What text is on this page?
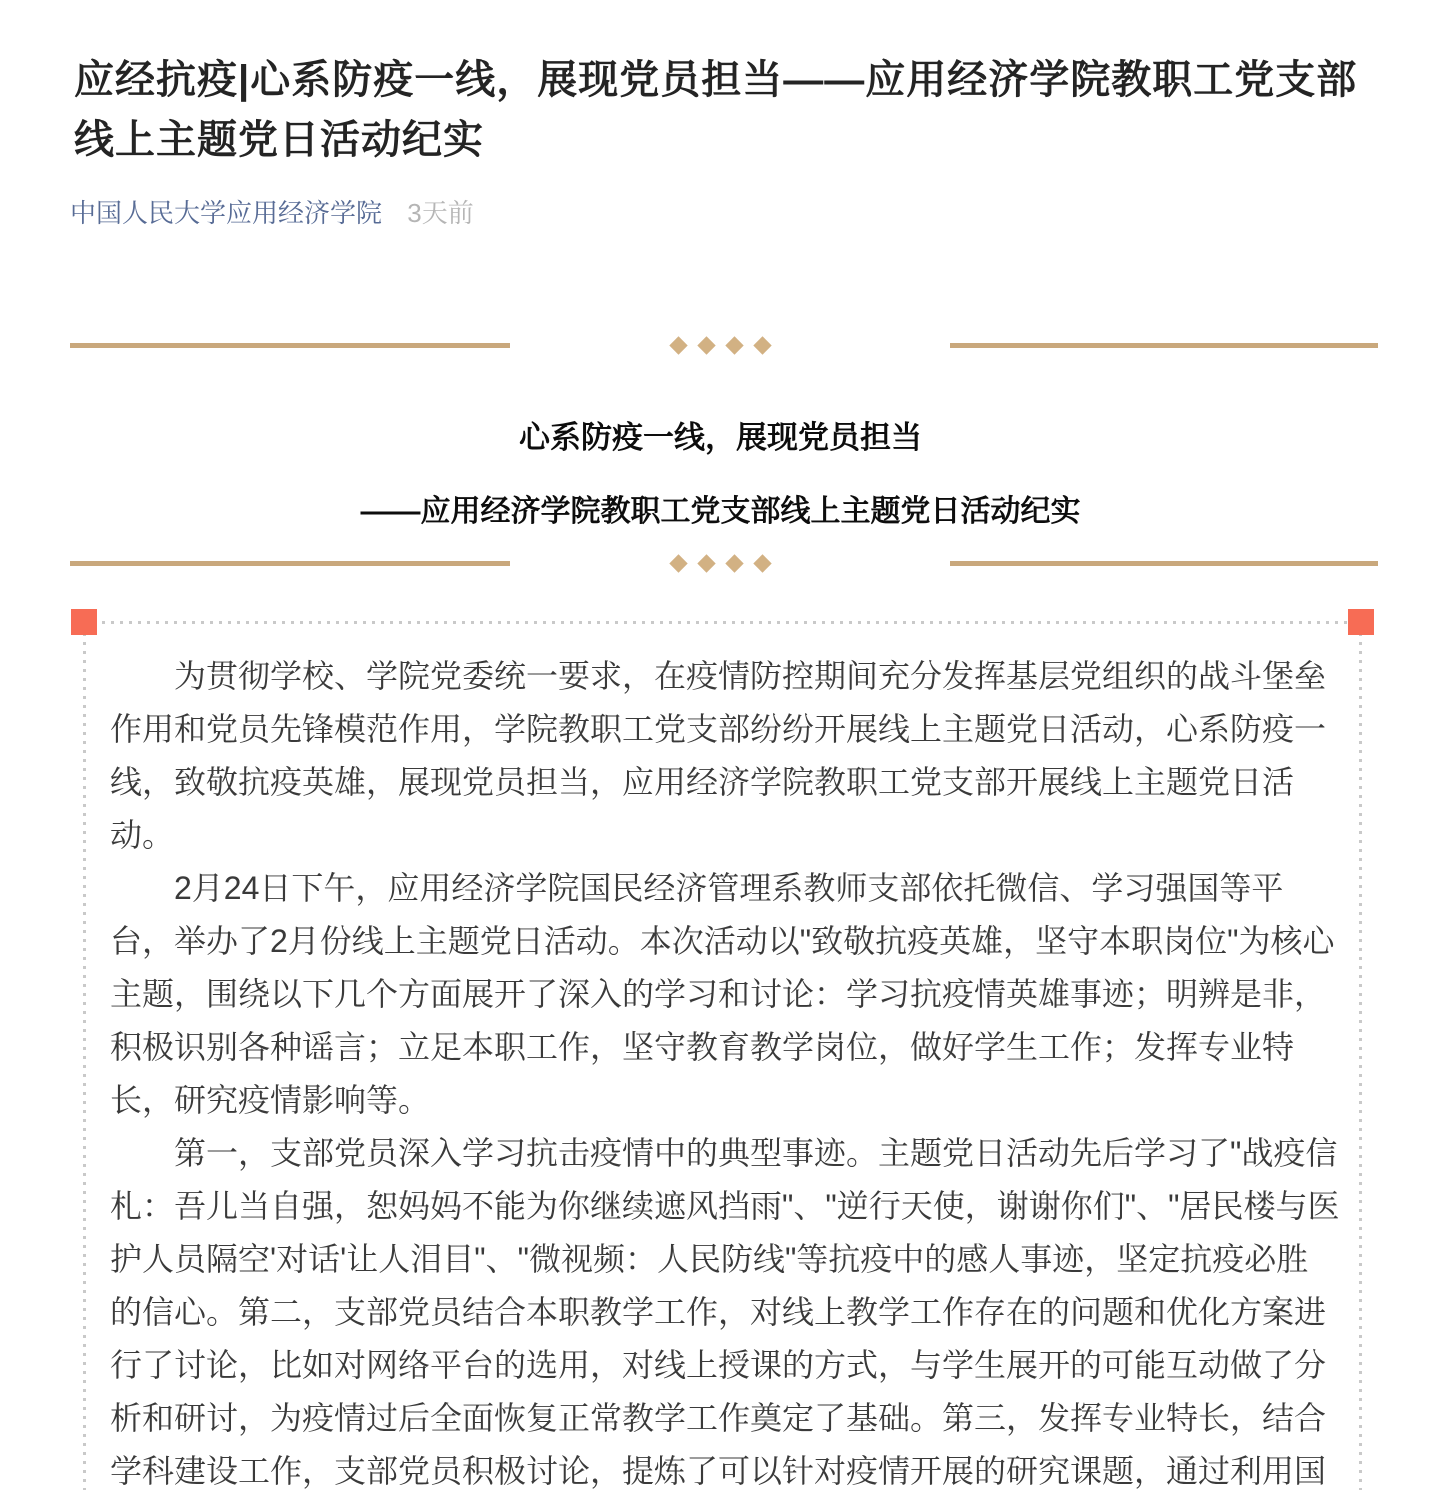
应经抗疫|心系防疫一线，展现党员担当——应用经济学院教职工党支部线上主题党日活动纪实
中国人民大学应用经济学院 3天前
心系防疫一线，展现党员担当
——应用经济学院教职工党支部线上主题党日活动纪实
为贯彻学校、学院党委统一要求，在疫情防控期间充分发挥基层党组织的战斗堡垒
作用和党员先锋模范作用，学院教职工党支部纷纷开展线上主题党日活动，心系防疫一
线，致敬抗疫英雄，展现党员担当，应用经济学院教职工党支部开展线上主题党日活
动。
2月24日下午，应用经济学院国民经济管理系教师支部依托微信、学习强国等平
台，举办了2月份线上主题党日活动。本次活动以"致敬抗疫英雄，坚守本职岗位"为核心
主题，围绕以下几个方面展开了深入的学习和讨论：学习抗疫情英雄事迹；明辨是非，
积极识别各种谣言；立足本职工作，坚守教育教学岗位，做好学生工作；发挥专业特
长，研究疫情影响等。
第一，支部党员深入学习抗击疫情中的典型事迹。主题党日活动先后学习了"战疫信
札：吾儿当自强，恕妈妈不能为你继续遮风挡雨"、"逆行天使，谢谢你们"、"居民楼与医
护人员隔空'对话'让人泪目"、"微视频：人民防线"等抗疫中的感人事迹，坚定抗疫必胜
的信心。第二，支部党员结合本职教学工作，对线上教学工作存在的问题和优化方案进
行了讨论，比如对网络平台的选用，对线上授课的方式，与学生展开的可能互动做了分
析和研讨，为疫情过后全面恢复正常教学工作奠定了基础。第三，发挥专业特长，结合
学科建设工作，支部党员积极讨论，提炼了可以针对疫情开展的研究课题，通过利用国
